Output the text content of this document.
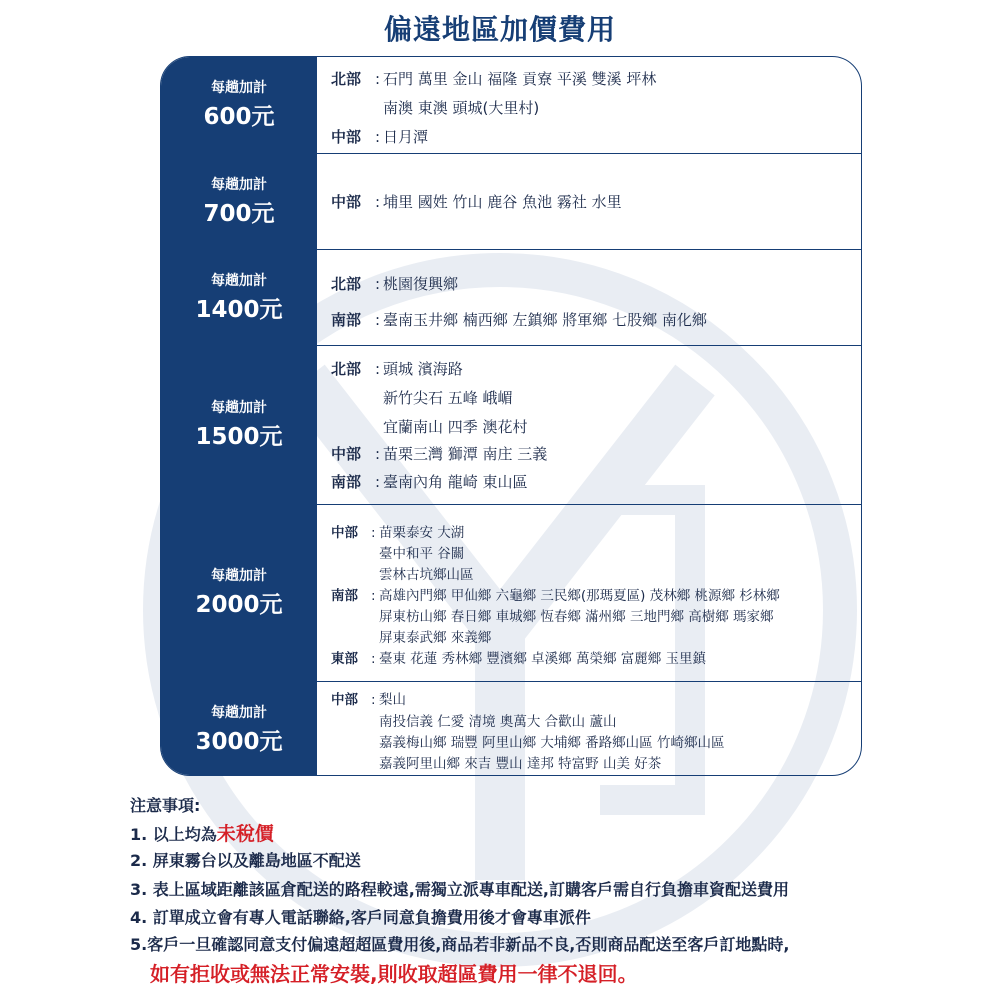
偏遠地區加價費用
每趟加計
600元
北部 : 石門 萬里 金山 福隆 貢寮 平溪 雙溪 坪林
南澳 東澳 頭城(大里村)
中部 : 日月潭
每趟加計
700元	中部 : 埔里 國姓 竹山 鹿谷 魚池 霧社 水里
每趟加計
1400元
北部 : 桃園復興鄉
南部 : 臺南玉井鄉 楠西鄉 左鎮鄉 將軍鄉 七股鄉 南化鄉
每趟加計
1500元
北部 : 頭城 濱海路
新竹尖石 五峰 峨嵋
宜蘭南山 四季 澳花村
中部 : 苗栗三灣 獅潭 南庄 三義
南部 : 臺南內角 龍崎 東山區
每趟加計
2000元
中部 : 苗栗泰安 大湖
臺中和平 谷關
雲林古坑鄉山區
南部 : 高雄內門鄉 甲仙鄉 六龜鄉 三民鄉(那瑪夏區) 茂林鄉 桃源鄉 杉林鄉
屏東枋山鄉 春日鄉 車城鄉 恆春鄉 滿州鄉 三地門鄉 高樹鄉 瑪家鄉
屏東泰武鄉 來義鄉
東部 : 臺東 花蓮 秀林鄉 豐濱鄉 卓溪鄉 萬榮鄉 富麗鄉 玉里鎮
每趟加計
3000元
中部 : 梨山
南投信義 仁愛 清境 奧萬大 合歡山 蘆山
嘉義梅山鄉 瑞豐 阿里山鄉 大埔鄉 番路鄉山區 竹崎鄉山區
嘉義阿里山鄉 來吉 豐山 達邦 特富野 山美 好茶
注意事項:
1. 以上均為未稅價
2. 屏東霧台以及離島地區不配送
3. 表上區域距離該區倉配送的路程較遠,需獨立派專車配送,訂購客戶需自行負擔車資配送費用
4. 訂單成立會有專人電話聯絡,客戶同意負擔費用後才會專車派件
5.客戶一旦確認同意支付偏遠超超區費用後,商品若非新品不良,否則商品配送至客戶訂地點時,
如有拒收或無法正常安裝,則收取超區費用一律不退回。
